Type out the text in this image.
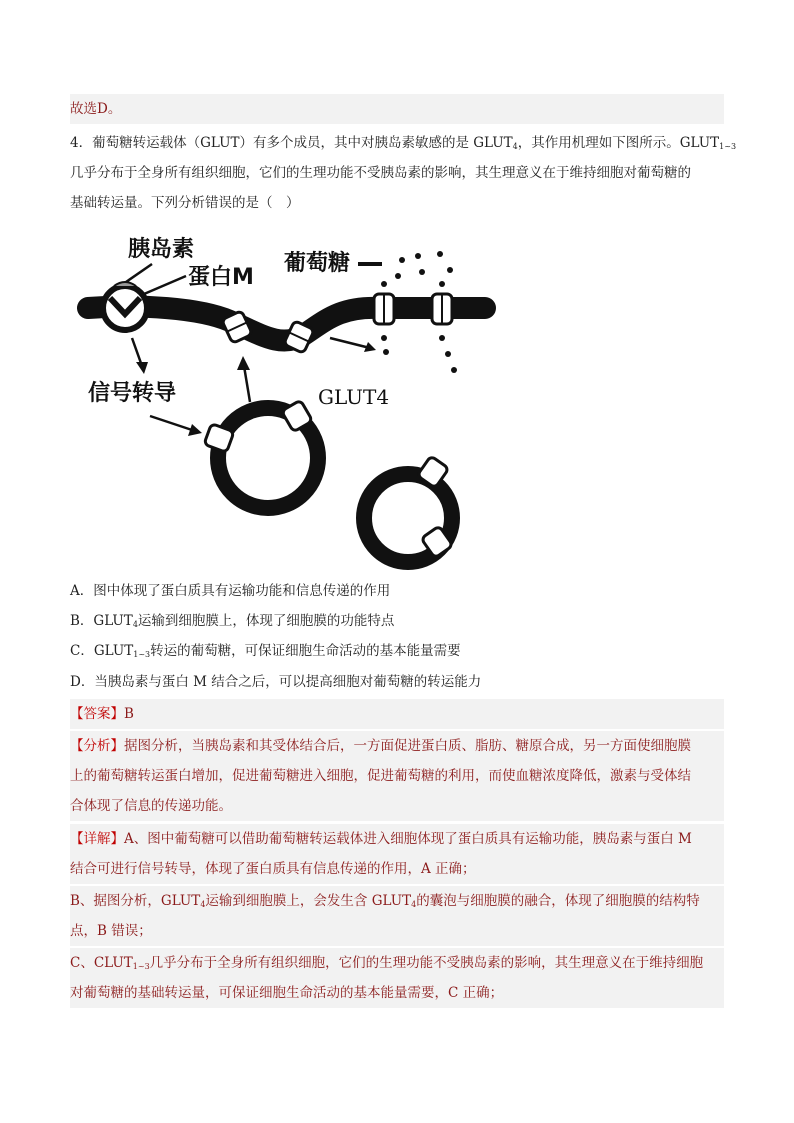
故选D。
4．葡萄糖转运载体（GLUT）有多个成员，其中对胰岛素敏感的是 $GLUT_4$，其作用机理如下图所示。$GLUT_{1\sim 3}$
几乎分布于全身所有组织细胞，它们的生理功能不受胰岛素的影响，其生理意义在于维持细胞对葡萄糖的
基础转运量。下列分析错误的是（　）
胰岛素
蛋白M
葡萄糖
信号转导	GLUT4
A．图中体现了蛋白质具有运输功能和信息传递的作用
B．$GLUT_4$运输到细胞膜上，体现了细胞膜的功能特点
C．$GLUT_{1\sim 3}$转运的葡萄糖，可保证细胞生命活动的基本能量需要
D．当胰岛素与蛋白 M 结合之后，可以提高细胞对葡萄糖的转运能力
【答案】B
【分析】据图分析，当胰岛素和其受体结合后，一方面促进蛋白质、脂肪、糖原合成，另一方面使细胞膜
上的葡萄糖转运蛋白增加，促进葡萄糖进入细胞，促进葡萄糖的利用，而使血糖浓度降低，激素与受体结
合体现了信息的传递功能。
【详解】A、图中葡萄糖可以借助葡萄糖转运载体进入细胞体现了蛋白质具有运输功能，胰岛素与蛋白 M
结合可进行信号转导，体现了蛋白质具有信息传递的作用，A 正确；
B、据图分析，$GLUT_4$运输到细胞膜上，会发生含 $GLUT_4$的囊泡与细胞膜的融合，体现了细胞膜的结构特
点，B 错误；
C、$CLUT_{1\sim 3}$几乎分布于全身所有组织细胞，它们的生理功能不受胰岛素的影响，其生理意义在于维持细胞
对葡萄糖的基础转运量，可保证细胞生命活动的基本能量需要，C 正确；
